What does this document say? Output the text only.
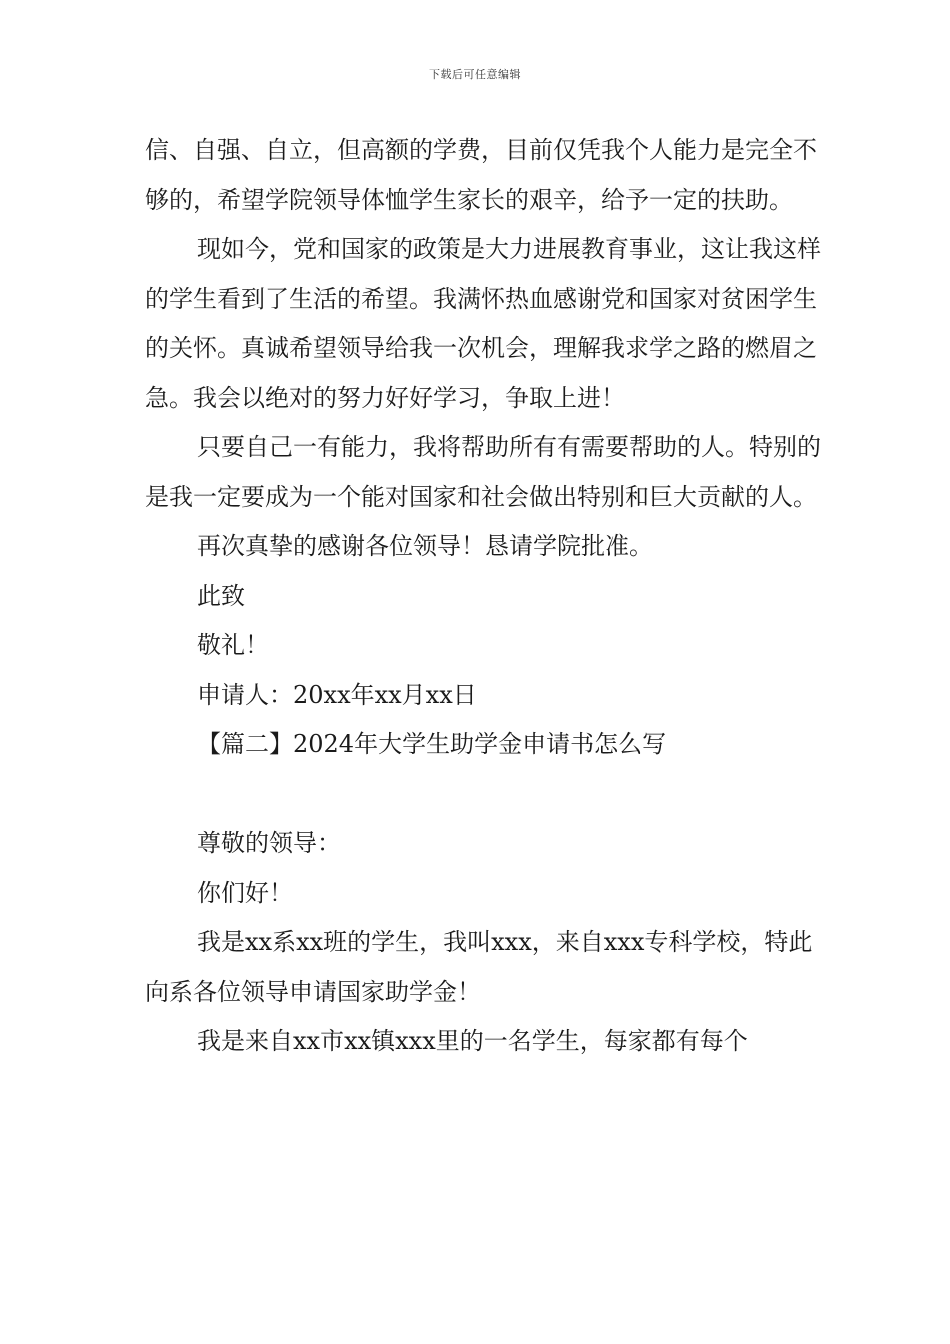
下载后可任意编辑

信、自强、自立，但高额的学费，目前仅凭我个人能力是完全不够的，希望学院领导体恤学生家长的艰辛，给予一定的扶助。

现如今，党和国家的政策是大力进展教育事业，这让我这样的学生看到了生活的希望。我满怀热血感谢党和国家对贫困学生的关怀。真诚希望领导给我一次机会，理解我求学之路的燃眉之急。我会以绝对的努力好好学习，争取上进！

只要自己一有能力，我将帮助所有有需要帮助的人。特别的是我一定要成为一个能对国家和社会做出特别和巨大贡献的人。

再次真挚的感谢各位领导！恳请学院批准。

此致

敬礼！

申请人：20xx年xx月xx日

【篇二】2024年大学生助学金申请书怎么写

尊敬的领导：

你们好！

我是xx系xx班的学生，我叫xxx，来自xxx专科学校，特此向系各位领导申请国家助学金！

我是来自xx市xx镇xxx里的一名学生，每家都有每个
